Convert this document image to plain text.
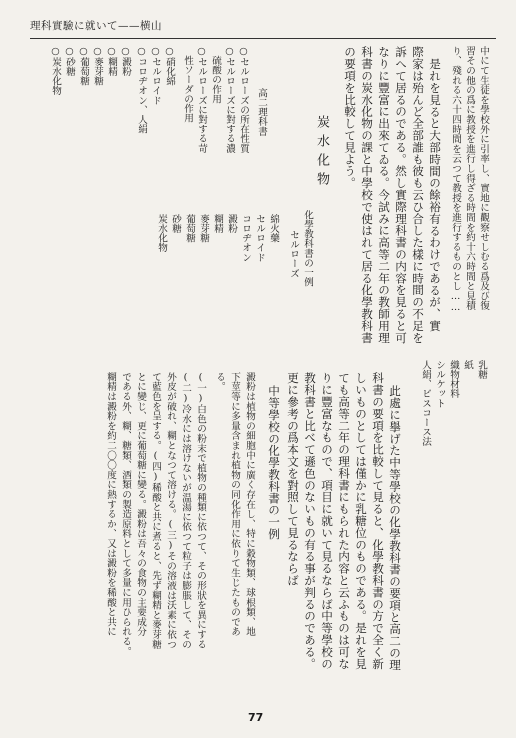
理科實驗に就いて——横山
中にて生徒を學校外に引率し、實地に觀察せしむる爲及び復
習その他の爲に教授を進行し得ざる時間を約十六時間と見積
り、殘れる六十四時間を云つて教授を進行するものとし……
是れを見ると大部時間の餘裕有るわけであるが、實
際家は殆んど全部誰も彼も云ひ合した樣に時間の不足を
訴へて居るのである。然し實際理科書の内容を見ると可
なりに豐富に出來てゐる。今試みに高等二年の教師用理
科書の炭水化物の課と中學校で使はれて居る化學教科書
の要項を比較して見よう。
炭水化物
化學教科書の一例
セルローズ
綿火藥
セルロイド
コロヂオン
澱粉
糊精
麥芽糖
葡萄糖
砂糖
炭水化物
高二理科書
○セルローズの所在性質
○セルローズに對する濃
　硫酸の作用
○セルローズに對する苛
　性ソーダの作用
○硝化綿
○セルロイド
○コロヂオン、人絹
○澱粉
○糊精
○麥芽糖
○葡萄糖
○砂糖
○炭水化物
乳糖
紙
織物材料
シルケット
人絹、ビスコース法
此處に擧げた中等學校の化學教科書の要項と高二の理
科書の要項を比較して見ると、化學教科書の方で全く新
しいものとしては僅かに乳糖位のものである。是れを見
ても高等二年の理科書にもられた内容と云ふものは可な
りに豐富なもので、項目に就いて見るならば中等學校の
教科書と比べて遜色のないもの有る事が判るのである。
更に參考の爲本文を對照して見るならば
中等學校の化學教科書の一例
澱粉は植物の細胞中に廣く存在し、特に穀物類、球根類、地
下莖等に多量含まれ植物の同化作用に依りて生じたものであ
る。
(一)白色の粉末で植物の種類に依つて、その形狀を異にする
(二)冷水には溶けないが温湯に依つて粒子は膨脹して、その
外皮が破れ、糊となつて溶ける。(三)その溶液は沃素に依つ
て藍色を呈する。(四)稀酸と共に煮ると、先ず糊精と麥芽糖
とに變じ、更に葡萄糖に變る。澱粉は吾々の食物の主要成分
である外、糊、糖類、酒類の製造原料として多量に用ひられる。
糊精は澱粉を約二〇〇度に熱するか、又は澱粉を稀酸と共に
77
